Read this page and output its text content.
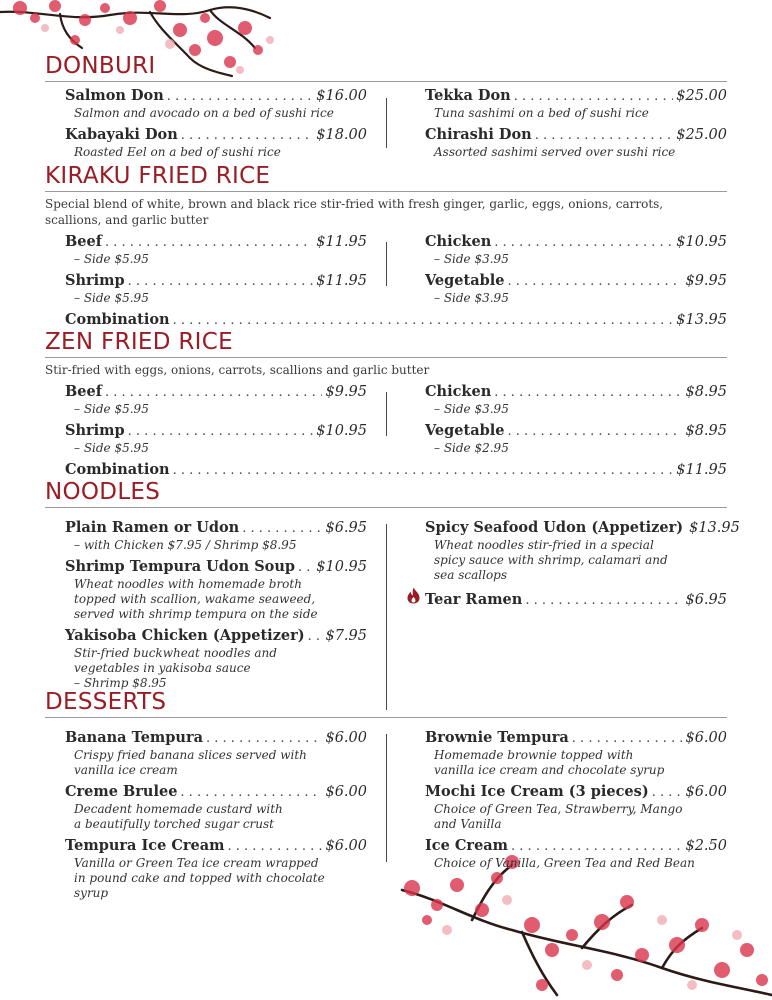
DONBURI
Salmon Don . . .	$16.00
Salmon and avocado on a bed of sushi rice
Kabayaki Don . . .	$18.00
Roasted Eel on a bed of sushi rice
Tekka Don . . .	$25.00
Tuna sashimi on a bed of sushi rice
Chirashi Don . . .	$25.00
Assorted sashimi served over sushi rice
KIRAKU FRIED RICE
Special blend of white, brown and black rice stir-fried with fresh ginger, garlic, eggs, onions, carrots, scallions, and garlic butter
Beef . . .	$11.95
– Side $5.95
Shrimp . . .	$11.95
– Side $5.95
Chicken . . .	$10.95
– Side $3.95
Vegetable . . .	$9.95
– Side $3.95
Combination . . .	$13.95
ZEN FRIED RICE
Stir-fried with eggs, onions, carrots, scallions and garlic butter
Beef . . .	$9.95
– Side $5.95
Shrimp . . .	$10.95
– Side $5.95
Chicken . . .	$8.95
– Side $3.95
Vegetable . . .	$8.95
– Side $2.95
Combination . . .	$11.95
NOODLES
Plain Ramen or Udon . . .	$6.95
– with Chicken $7.95 / Shrimp $8.95
Shrimp Tempura Udon Soup . . . $10.95
Wheat noodles with homemade broth topped with scallion, wakame seaweed, served with shrimp tempura on the side
Yakisoba Chicken (Appetizer) . . . $7.95
Stir-fried buckwheat noodles and vegetables in yakisoba sauce
– Shrimp $8.95
Spicy Seafood Udon (Appetizer) $13.95
Wheat noodles stir-fried in a special spicy sauce with shrimp, calamari and sea scallops
Tear Ramen . . .	$6.95
DESSERTS
Banana Tempura . . .	$6.00
Crispy fried banana slices served with vanilla ice cream
Creme Brulee . . .	$6.00
Decadent homemade custard with a beautifully torched sugar crust
Tempura Ice Cream . . .	$6.00
Vanilla or Green Tea ice cream wrapped in pound cake and topped with chocolate syrup
Brownie Tempura . . .	$6.00
Homemade brownie topped with vanilla ice cream and chocolate syrup
Mochi Ice Cream (3 pieces) . . .	$6.00
Choice of Green Tea, Strawberry, Mango and Vanilla
Ice Cream . . .	$2.50
Choice of Vanilla, Green Tea and Red Bean
